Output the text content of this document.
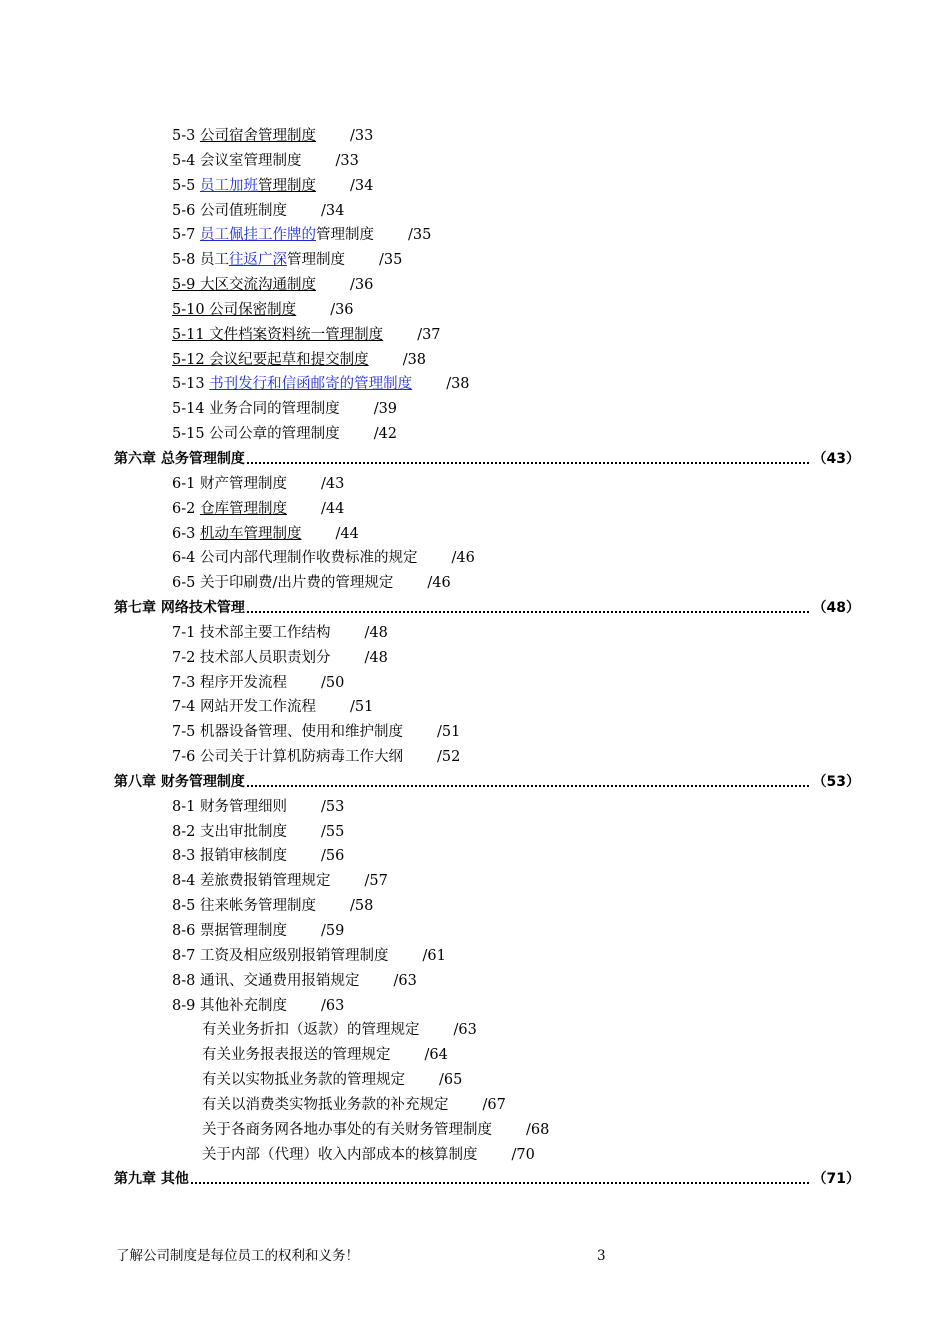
5-3 公司宿舍管理制度 /33
5-4 会议室管理制度 /33
5-5 员工加班管理制度 /34
5-6 公司值班制度 /34
5-7 员工佩挂工作牌的管理制度 /35
5-8 员工往返广深管理制度 /35
5-9 大区交流沟通制度 /36
5-10 公司保密制度 /36
5-11 文件档案资料统一管理制度 /37
5-12 会议纪要起草和提交制度 /38
5-13 书刊发行和信函邮寄的管理制度 /38
5-14 业务合同的管理制度 /39
5-15 公司公章的管理制度 /42
第六章 总务管理制度	（43）
6-1 财产管理制度 /43
6-2 仓库管理制度 /44
6-3 机动车管理制度 /44
6-4 公司内部代理制作收费标准的规定 /46
6-5 关于印刷费/出片费的管理规定 /46
第七章 网络技术管理	（48）
7-1 技术部主要工作结构 /48
7-2 技术部人员职责划分 /48
7-3 程序开发流程 /50
7-4 网站开发工作流程 /51
7-5 机器设备管理、使用和维护制度 /51
7-6 公司关于计算机防病毒工作大纲 /52
第八章 财务管理制度	（53）
8-1 财务管理细则 /53
8-2 支出审批制度 /55
8-3 报销审核制度 /56
8-4 差旅费报销管理规定 /57
8-5 往来帐务管理制度 /58
8-6 票据管理制度 /59
8-7 工资及相应级别报销管理制度 /61
8-8 通讯、交通费用报销规定 /63
8-9 其他补充制度 /63
有关业务折扣（返款）的管理规定 /63
有关业务报表报送的管理规定 /64
有关以实物抵业务款的管理规定 /65
有关以消费类实物抵业务款的补充规定 /67
关于各商务网各地办事处的有关财务管理制度 /68
关于内部（代理）收入内部成本的核算制度 /70
第九章 其他	（71）
了解公司制度是每位员工的权利和义务！	3
